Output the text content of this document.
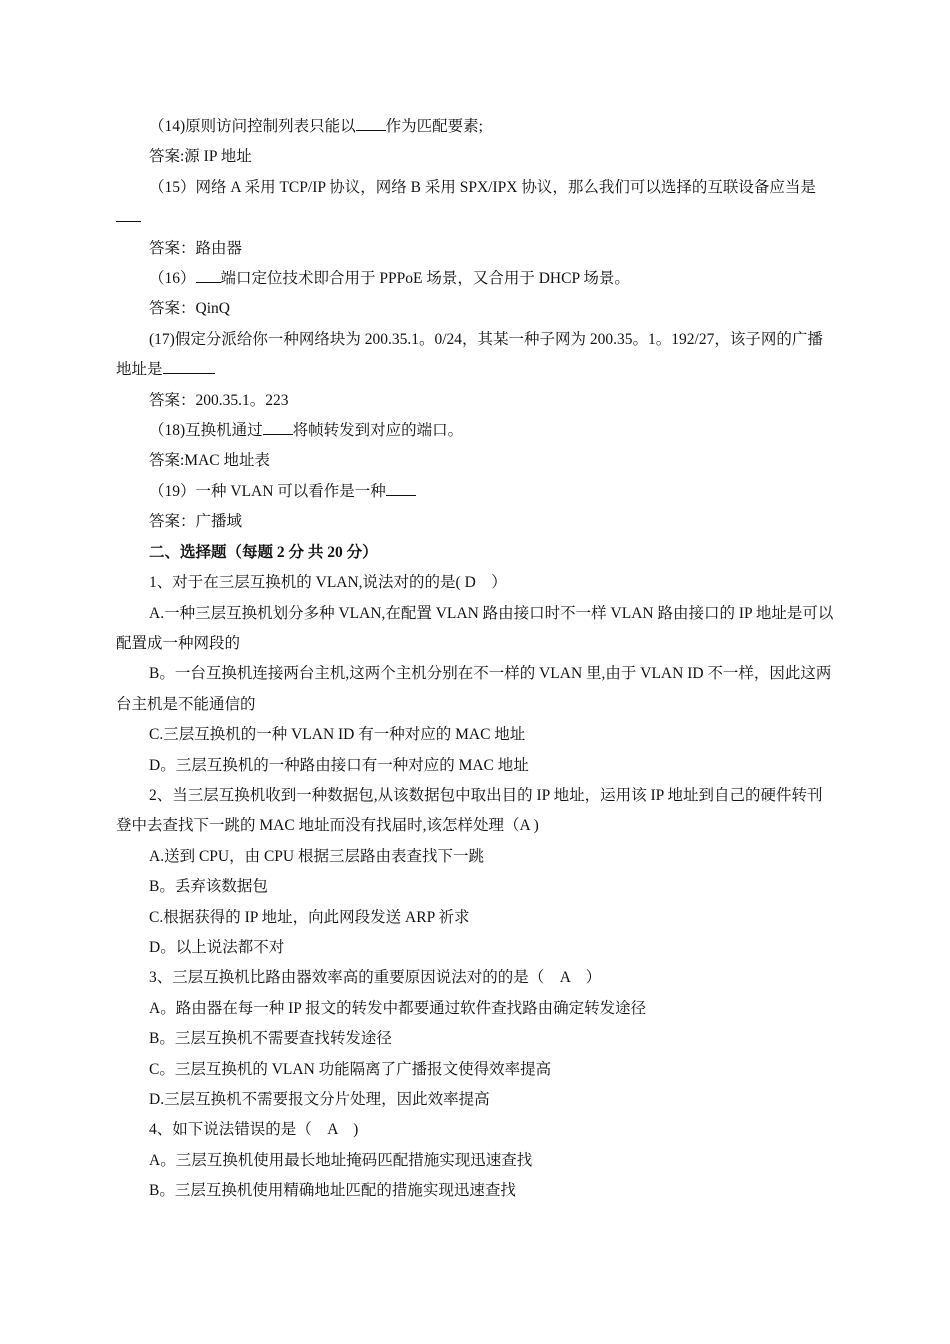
（14)原则访问控制列表只能以 作为匹配要素;

答案:源 IP 地址

（15）网络 A 采用 TCP/IP 协议，网络 B 采用 SPX/IPX 协议，那么我们可以选择的互联设备应当是

答案：路由器

（16） 端口定位技术即合用于 PPPoE 场景，又合用于 DHCP 场景。

答案：QinQ

(17)假定分派给你一种网络块为 200.35.1。0/24，其某一种子网为 200.35。1。192/27，该子网的广播地址是

答案：200.35.1。223

（18)互换机通过 将帧转发到对应的端口。

答案:MAC 地址表

（19）一种 VLAN 可以看作是一种

答案：广播域

二、选择题（每题 2 分 共 20 分）

1、对于在三层互换机的 VLAN,说法对的的是( D　）

A.一种三层互换机划分多种 VLAN,在配置 VLAN 路由接口时不一样 VLAN 路由接口的 IP 地址是可以配置成一种网段的

B。一台互换机连接两台主机,这两个主机分别在不一样的 VLAN 里,由于 VLAN ID 不一样，因此这两台主机是不能通信的

C.三层互换机的一种 VLAN ID 有一种对应的 MAC 地址

D。三层互换机的一种路由接口有一种对应的 MAC 地址

2、当三层互换机收到一种数据包,从该数据包中取出目的 IP 地址，运用该 IP 地址到自己的硬件转刊登中去查找下一跳的 MAC 地址而没有找届时,该怎样处理（A )

A.送到 CPU，由 CPU 根据三层路由表查找下一跳

B。丢弃该数据包

C.根据获得的 IP 地址，向此网段发送 ARP 祈求

D。以上说法都不对

3、三层互换机比路由器效率高的重要原因说法对的的是（　A　）

A。路由器在每一种 IP 报文的转发中都要通过软件查找路由确定转发途径

B。三层互换机不需要查找转发途径

C。三层互换机的 VLAN 功能隔离了广播报文使得效率提高

D.三层互换机不需要报文分片处理，因此效率提高

4、如下说法错误的是（　A　)

A。三层互换机使用最长地址掩码匹配措施实现迅速查找

B。三层互换机使用精确地址匹配的措施实现迅速查找
